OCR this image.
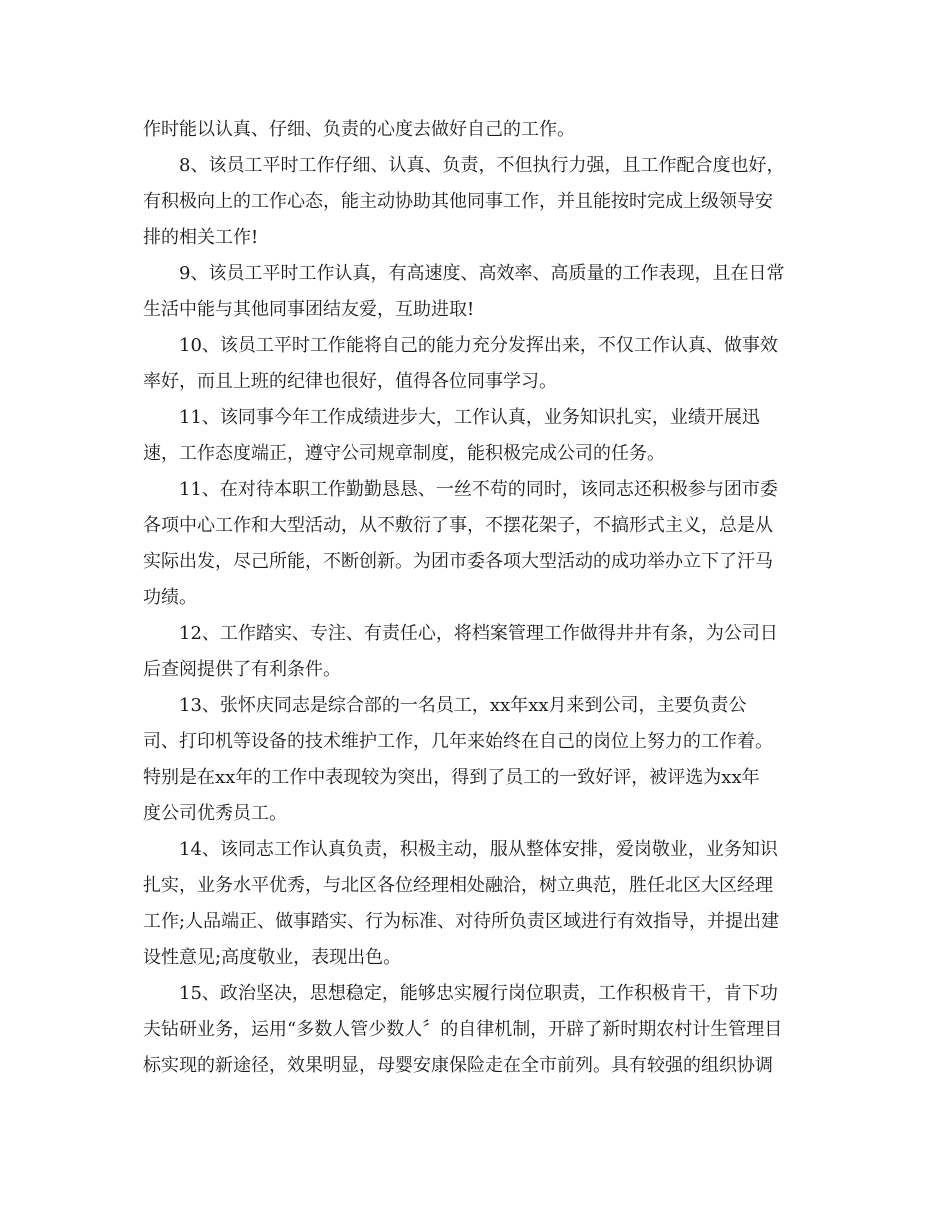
作时能以认真、仔细、负责的心度去做好自己的工作。
　　8、该员工平时工作仔细、认真、负责，不但执行力强，且工作配合度也好，
有积极向上的工作心态，能主动协助其他同事工作，并且能按时完成上级领导安
排的相关工作!
　　9、该员工平时工作认真，有高速度、高效率、高质量的工作表现，且在日常
生活中能与其他同事团结友爱，互助进取!
　　10、该员工平时工作能将自己的能力充分发挥出来，不仅工作认真、做事效
率好，而且上班的纪律也很好，值得各位同事学习。
　　11、该同事今年工作成绩进步大，工作认真，业务知识扎实，业绩开展迅
速，工作态度端正，遵守公司规章制度，能积极完成公司的任务。
　　11、在对待本职工作勤勤恳恳、一丝不苟的同时，该同志还积极参与团市委
各项中心工作和大型活动，从不敷衍了事，不摆花架子，不搞形式主义，总是从
实际出发，尽己所能，不断创新。为团市委各项大型活动的成功举办立下了汗马
功绩。
　　12、工作踏实、专注、有责任心，将档案管理工作做得井井有条，为公司日
后查阅提供了有利条件。
　　13、张怀庆同志是综合部的一名员工，xx年xx月来到公司，主要负责公
司、打印机等设备的技术维护工作，几年来始终在自己的岗位上努力的工作着。
特别是在xx年的工作中表现较为突出，得到了员工的一致好评，被评选为xx年
度公司优秀员工。
　　14、该同志工作认真负责，积极主动，服从整体安排，爱岗敬业，业务知识
扎实，业务水平优秀，与北区各位经理相处融洽，树立典范，胜任北区大区经理
工作;人品端正、做事踏实、行为标准、对待所负责区域进行有效指导，并提出建
设性意见;高度敬业，表现出色。
　　15、政治坚决，思想稳定，能够忠实履行岗位职责，工作积极肯干，肯下功
夫钻研业务，运用“多数人管少数人〞的自律机制，开辟了新时期农村计生管理目
标实现的新途径，效果明显，母婴安康保险走在全市前列。具有较强的组织协调
